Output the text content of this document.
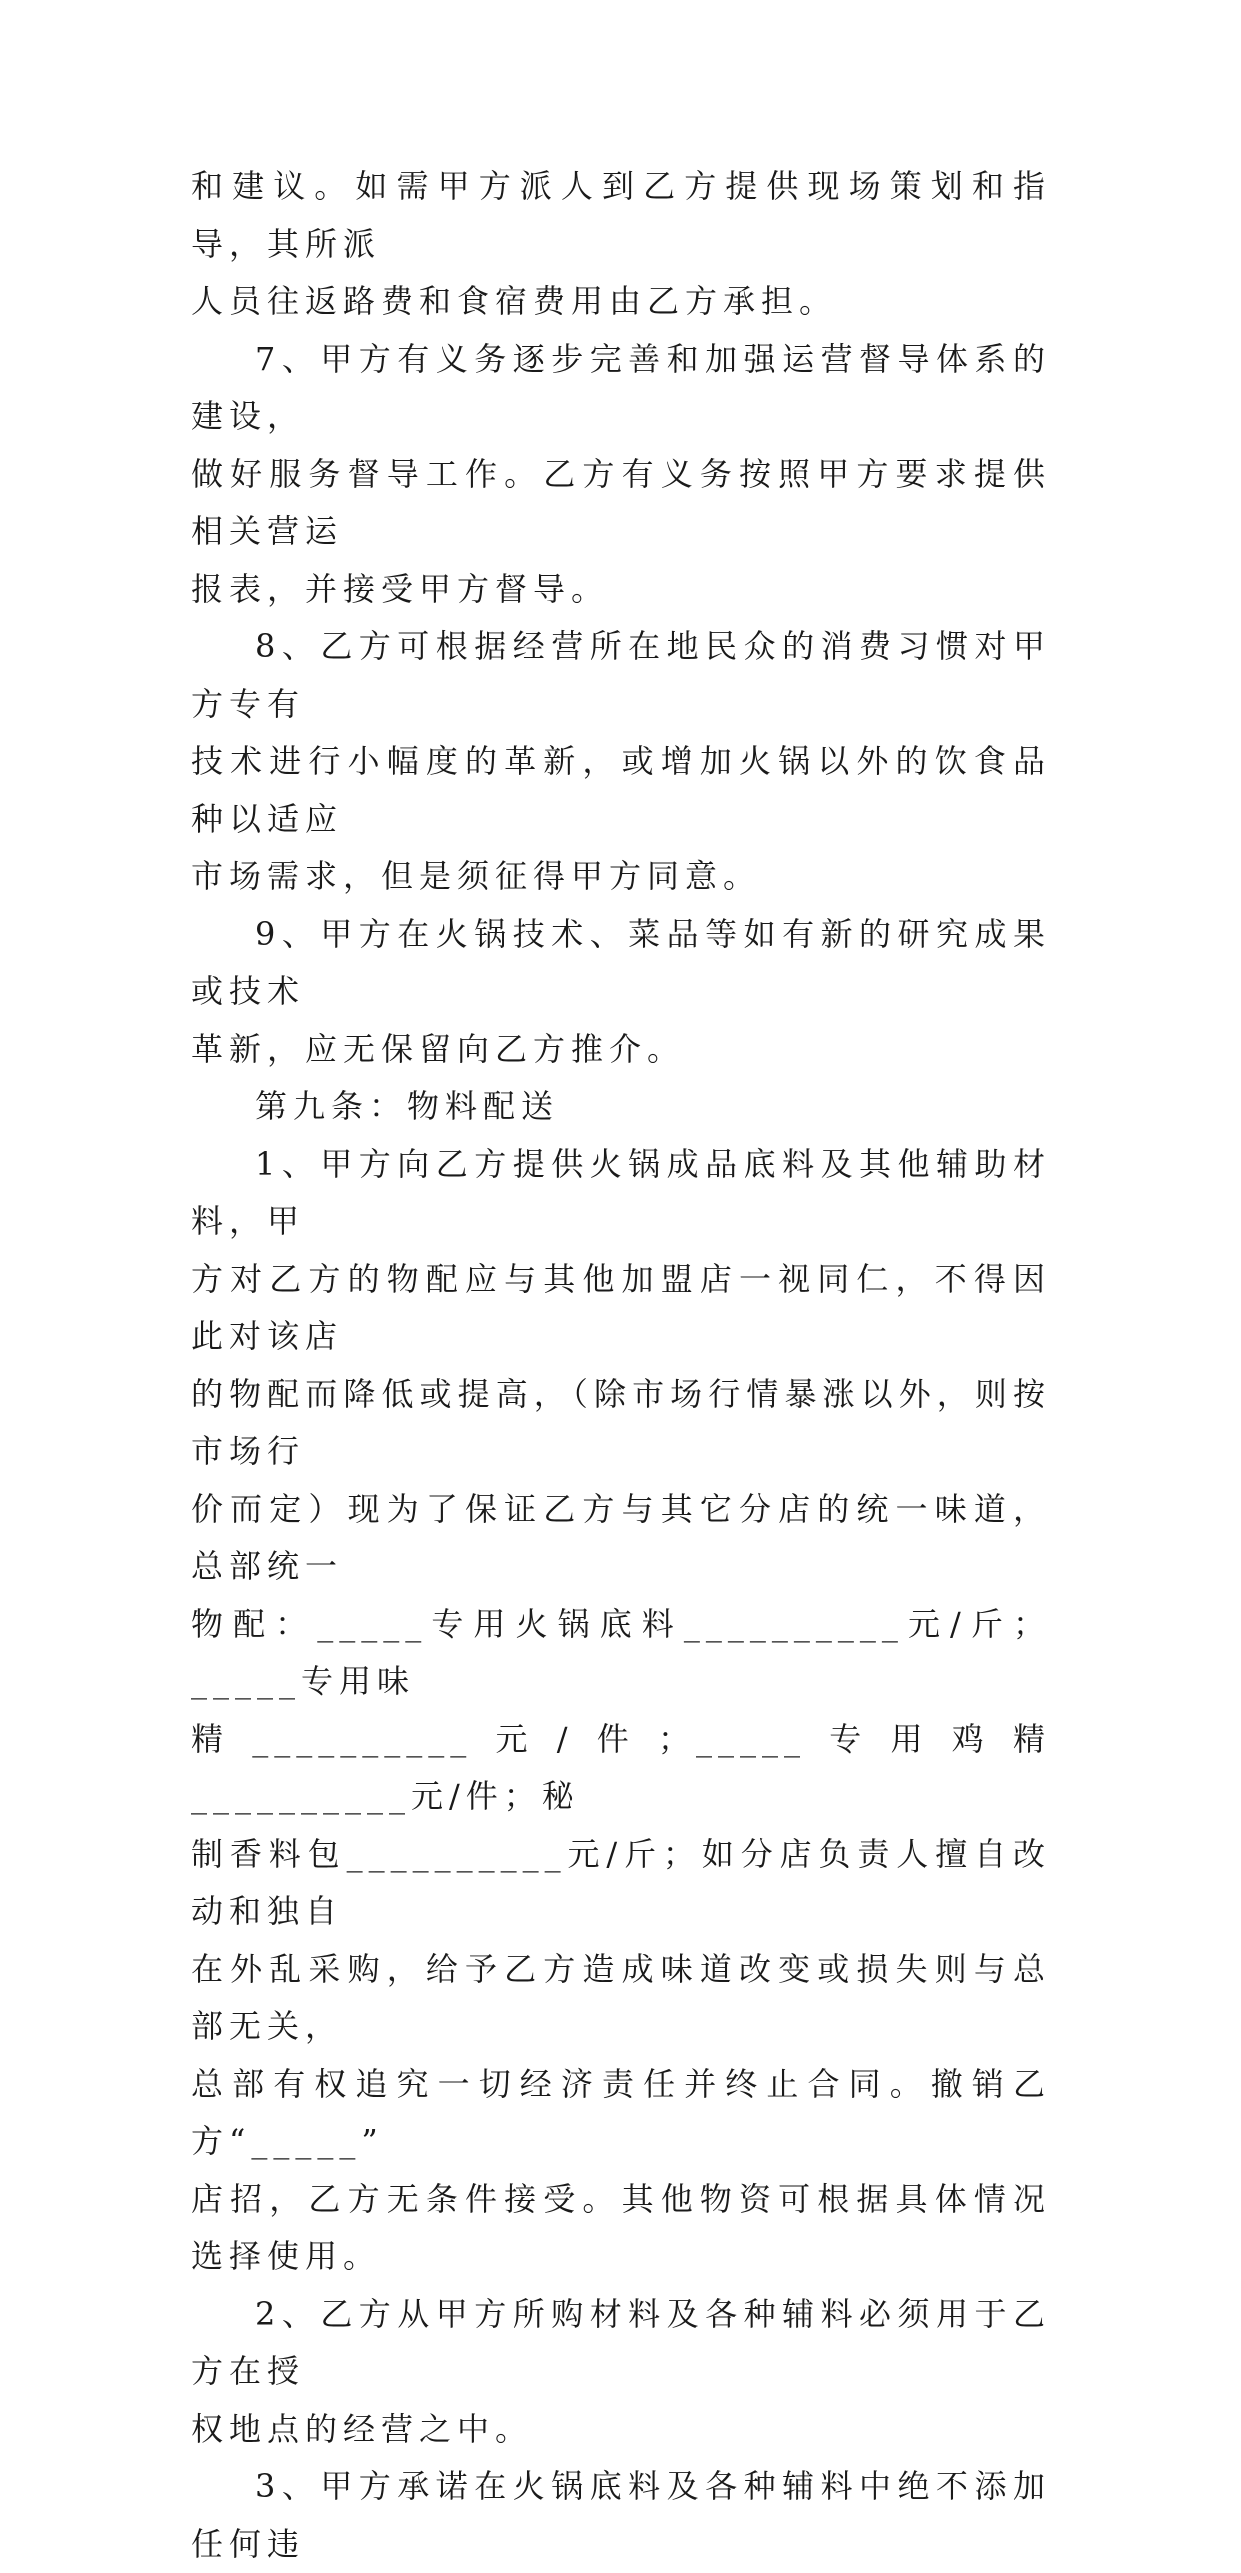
和建议。如需甲方派人到乙方提供现场策划和指导，其所派
人员往返路费和食宿费用由乙方承担。
7、甲方有义务逐步完善和加强运营督导体系的建设，
做好服务督导工作。乙方有义务按照甲方要求提供相关营运
报表，并接受甲方督导。
8、乙方可根据经营所在地民众的消费习惯对甲方专有
技术进行小幅度的革新，或增加火锅以外的饮食品种以适应
市场需求，但是须征得甲方同意。
9、甲方在火锅技术、菜品等如有新的研究成果或技术
革新，应无保留向乙方推介。
第九条：物料配送
1、甲方向乙方提供火锅成品底料及其他辅助材料，甲
方对乙方的物配应与其他加盟店一视同仁，不得因此对该店
的物配而降低或提高，（除市场行情暴涨以外，则按市场行
价而定）现为了保证乙方与其它分店的统一味道，总部统一
物配：_____专用火锅底料__________元/斤；_____专用味
精__________元/件；_____专用鸡精__________元/件；秘
制香料包__________元/斤；如分店负责人擅自改动和独自
在外乱采购，给予乙方造成味道改变或损失则与总部无关，
总部有权追究一切经济责任并终止合同。撤销乙方“_____”
店招，乙方无条件接受。其他物资可根据具体情况选择使用。
2、乙方从甲方所购材料及各种辅料必须用于乙方在授
权地点的经营之中。
3、甲方承诺在火锅底料及各种辅料中绝不添加任何违
